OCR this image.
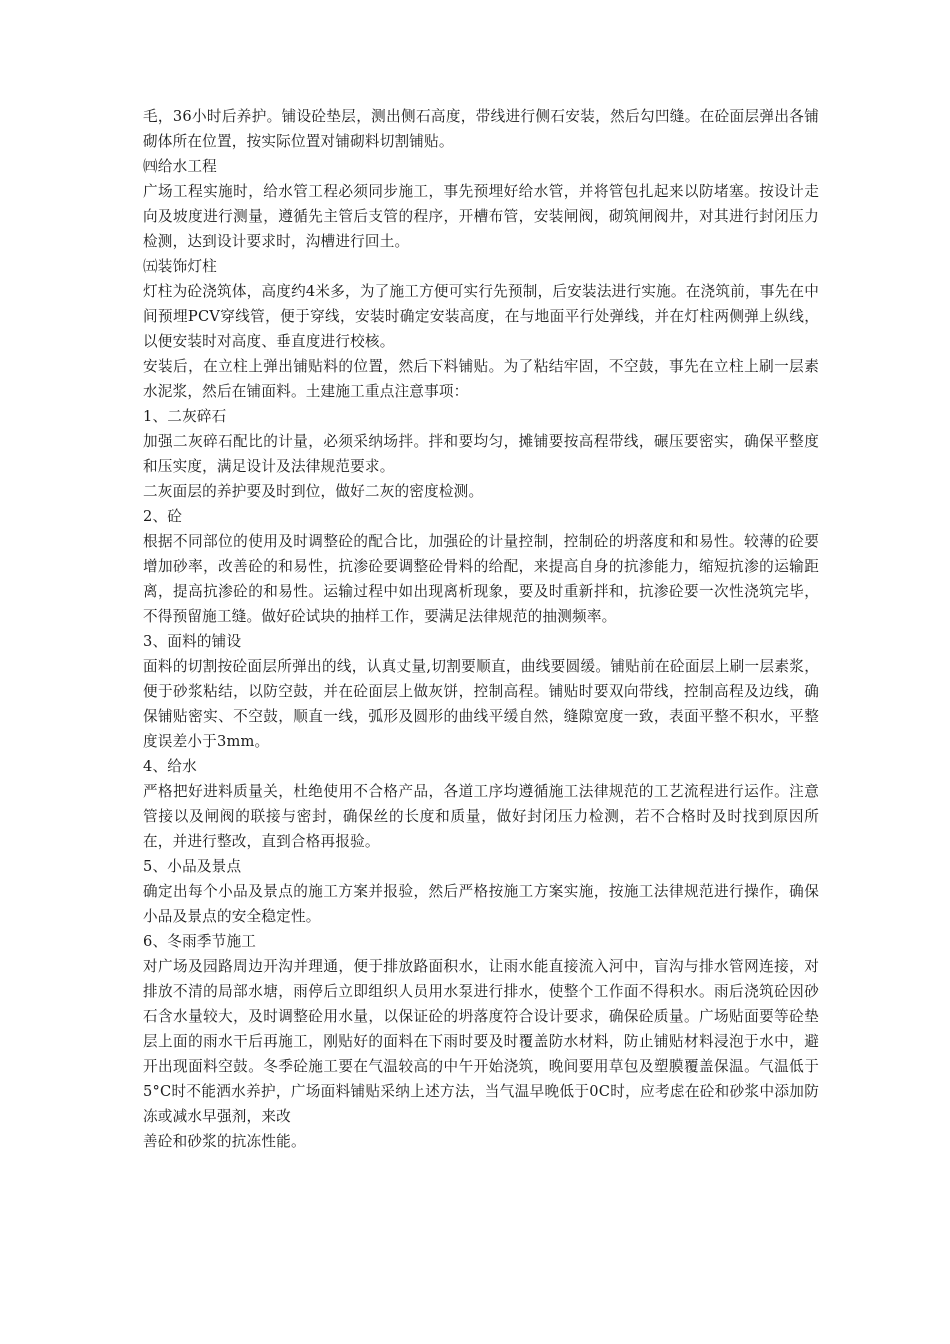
毛，36小时后养护。铺设砼垫层，测出侧石高度，带线进行侧石安装，然后勾凹缝。在砼面层弹出各铺砌体所在位置，按实际位置对铺砌料切割铺贴。

㈣给水工程

广场工程实施时，给水管工程必须同步施工，事先预埋好给水管，并将管包扎起来以防堵塞。按设计走向及坡度进行测量，遵循先主管后支管的程序，开槽布管，安装闸阀，砌筑闸阀井，对其进行封闭压力检测，达到设计要求时，沟槽进行回土。

㈤装饰灯柱

灯柱为砼浇筑体，高度约4米多，为了施工方便可实行先预制，后安装法进行实施。在浇筑前，事先在中间预埋PCV穿线管，便于穿线，安装时确定安装高度，在与地面平行处弹线，并在灯柱两侧弹上纵线，以便安装时对高度、垂直度进行校核。

安装后，在立柱上弹出铺贴料的位置，然后下料铺贴。为了粘结牢固，不空鼓，事先在立柱上刷一层素水泥浆，然后在铺面料。土建施工重点注意事项：

1、二灰碎石

加强二灰碎石配比的计量，必须采纳场拌。拌和要均匀，摊铺要按高程带线，碾压要密实，确保平整度和压实度，满足设计及法律规范要求。

二灰面层的养护要及时到位，做好二灰的密度检测。

2、砼

根据不同部位的使用及时调整砼的配合比，加强砼的计量控制，控制砼的坍落度和和易性。较薄的砼要增加砂率，改善砼的和易性，抗渗砼要调整砼骨料的给配，来提高自身的抗渗能力，缩短抗渗的运输距离，提高抗渗砼的和易性。运输过程中如出现离析现象，要及时重新拌和，抗渗砼要一次性浇筑完毕，不得预留施工缝。做好砼试块的抽样工作，要满足法律规范的抽测频率。

3、面料的铺设

面料的切割按砼面层所弹出的线，认真丈量,切割要顺直，曲线要圆缓。铺贴前在砼面层上刷一层素浆，便于砂浆粘结，以防空鼓，并在砼面层上做灰饼，控制高程。铺贴时要双向带线，控制高程及边线，确保铺贴密实、不空鼓，顺直一线，弧形及圆形的曲线平缓自然，缝隙宽度一致，表面平整不积水，平整度误差小于3mm。

4、给水

严格把好进料质量关，杜绝使用不合格产品，各道工序均遵循施工法律规范的工艺流程进行运作。注意管接以及闸阀的联接与密封，确保丝的长度和质量，做好封闭压力检测，若不合格时及时找到原因所在，并进行整改，直到合格再报验。

5、小品及景点

确定出每个小品及景点的施工方案并报验，然后严格按施工方案实施，按施工法律规范进行操作，确保小品及景点的安全稳定性。

6、冬雨季节施工

对广场及园路周边开沟并理通，便于排放路面积水，让雨水能直接流入河中，盲沟与排水管网连接，对排放不清的局部水塘，雨停后立即组织人员用水泵进行排水，使整个工作面不得积水。雨后浇筑砼因砂石含水量较大，及时调整砼用水量，以保证砼的坍落度符合设计要求，确保砼质量。广场贴面要等砼垫层上面的雨水干后再施工，刚贴好的面料在下雨时要及时覆盖防水材料，防止铺贴材料浸泡于水中，避开出现面料空鼓。冬季砼施工要在气温较高的中午开始浇筑，晚间要用草包及塑膜覆盖保温。气温低于5°C时不能洒水养护，广场面料铺贴采纳上述方法，当气温早晚低于0C时，应考虑在砼和砂浆中添加防冻或减水早强剂，来改

善砼和砂浆的抗冻性能。
